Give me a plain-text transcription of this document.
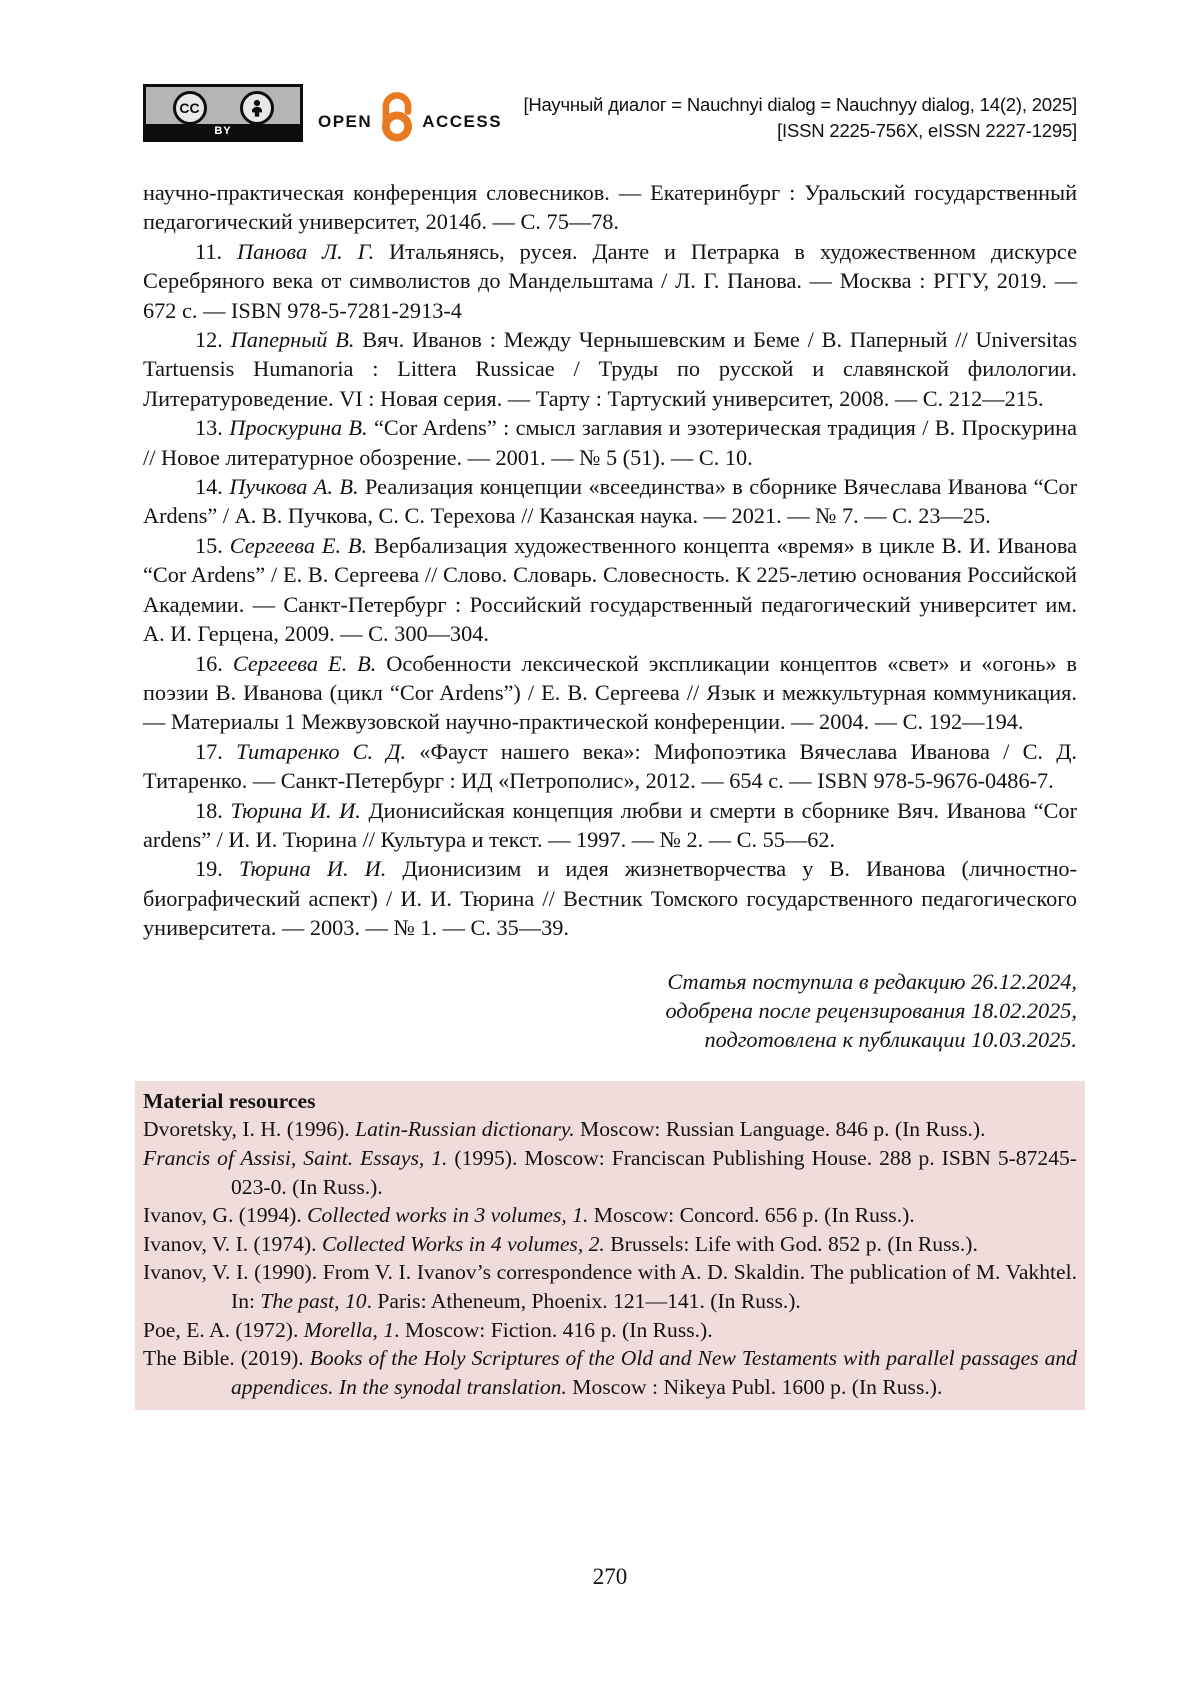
CC
BY	OPEN	ACCESS
[Научный диалог = Nauchnyi dialog = Nauchnyy dialog, 14(2), 2025]
[ISSN 2225-756X, eISSN 2227-1295]

научно-практическая конференция словесников. — Екатеринбург : Уральский государственный педагогический университет, 2014б. — С. 75—78.

11. Панова Л. Г. Итальянясь, русея. Данте и Петрарка в художественном дискурсе Серебряного века от символистов до Мандельштама / Л. Г. Панова. — Москва : РГГУ, 2019. — 672 с. — ISBN 978-5-7281-2913-4

12. Паперный В. Вяч. Иванов : Между Чернышевским и Беме / В. Паперный // Universitas Tartuensis Humanoria : Littera Russicae / Труды по русской и славянской филологии. Литературоведение. VI : Новая серия. — Тарту : Тартуский университет, 2008. — С. 212—215.

13. Проскурина В. “Cor Ardens” : смысл заглавия и эзотерическая традиция / В. Проскурина // Новое литературное обозрение. — 2001. — № 5 (51). — С. 10.

14. Пучкова А. В. Реализация концепции «всеединства» в сборнике Вячеслава Иванова “Cor Ardens” / А. В. Пучкова, С. С. Терехова // Казанская наука. — 2021. — № 7. — С. 23—25.

15. Сергеева Е. В. Вербализация художественного концепта «время» в цикле В. И. Иванова “Cor Ardens” / Е. В. Сергеева // Слово. Словарь. Словесность. К 225-летию основания Российской Академии. — Санкт-Петербург : Российский государственный педагогический университет им. А. И. Герцена, 2009. — С. 300—304.

16. Сергеева Е. В. Особенности лексической экспликации концептов «свет» и «огонь» в поэзии В. Иванова (цикл “Cor Ardens”) / Е. В. Сергеева // Язык и межкультурная коммуникация. — Материалы 1 Межвузовской научно-практической конференции. — 2004. — С. 192—194.

17. Титаренко С. Д. «Фауст нашего века»: Мифопоэтика Вячеслава Иванова / С. Д. Титаренко. — Санкт-Петербург : ИД «Петрополис», 2012. — 654 с. — ISBN 978-5-9676-0486-7.

18. Тюрина И. И. Дионисийская концепция любви и смерти в сборнике Вяч. Иванова “Cor ardens” / И. И. Тюрина // Культура и текст. — 1997. — № 2. — С. 55—62.

19. Тюрина И. И. Дионисизим и идея жизнетворчества у В. Иванова (личностно-биографический аспект) / И. И. Тюрина // Вестник Томского государственного педагогического университета. — 2003. — № 1. — С. 35—39.

Статья поступила в редакцию 26.12.2024,
одобрена после рецензирования 18.02.2025,
подготовлена к публикации 10.03.2025.
Material resources

Dvoretsky, I. H. (1996). Latin-Russian dictionary. Moscow: Russian Language. 846 p. (In Russ.).

Francis of Assisi, Saint. Essays, 1. (1995). Moscow: Franciscan Publishing House. 288 p. ISBN 5-87245-023-0. (In Russ.).

Ivanov, G. (1994). Collected works in 3 volumes, 1. Moscow: Concord. 656 p. (In Russ.).

Ivanov, V. I. (1974). Collected Works in 4 volumes, 2. Brussels: Life with God. 852 p. (In Russ.).

Ivanov, V. I. (1990). From V. I. Ivanov’s correspondence with A. D. Skaldin. The publication of M. Vakhtel. In: The past, 10. Paris: Atheneum, Phoenix. 121—141. (In Russ.).

Poe, E. A. (1972). Morella, 1. Moscow: Fiction. 416 p. (In Russ.).

The Bible. (2019). Books of the Holy Scriptures of the Old and New Testaments with parallel passages and appendices. In the synodal translation. Moscow : Nikeya Publ. 1600 p. (In Russ.).

270
